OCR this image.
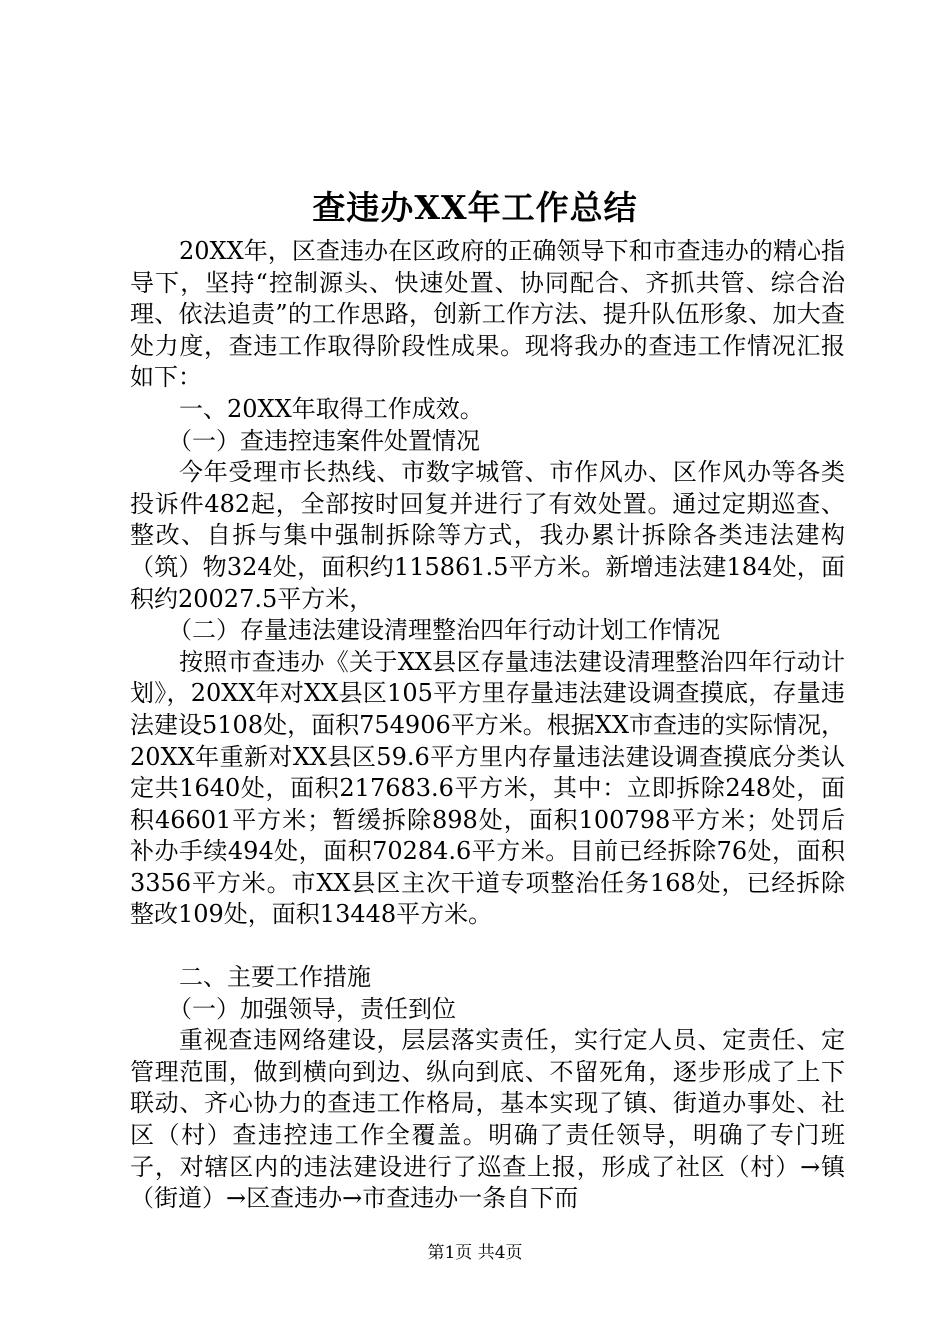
查违办XX年工作总结

20XX年，区查违办在区政府的正确领导下和市查违办的精心指导下，坚持“控制源头、快速处置、协同配合、齐抓共管、综合治理、依法追责”的工作思路，创新工作方法、提升队伍形象、加大查处力度，查违工作取得阶段性成果。现将我办的查违工作情况汇报如下：

一、20XX年取得工作成效。

（一）查违控违案件处置情况

今年受理市长热线、市数字城管、市作风办、区作风办等各类投诉件482起，全部按时回复并进行了有效处置。通过定期巡查、整改、自拆与集中强制拆除等方式，我办累计拆除各类违法建构（筑）物324处，面积约115861.5平方米。新增违法建184处，面积约20027.5平方米，

（二）存量违法建设清理整治四年行动计划工作情况

按照市查违办《关于XX县区存量违法建设清理整治四年行动计划》，20XX年对XX县区105平方里存量违法建设调查摸底，存量违法建设5108处，面积754906平方米。根据XX市查违的实际情况，20XX年重新对XX县区59.6平方里内存量违法建设调查摸底分类认定共1640处，面积217683.6平方米，其中：立即拆除248处，面积46601平方米；暂缓拆除898处，面积100798平方米；处罚后补办手续494处，面积70284.6平方米。目前已经拆除76处，面积3356平方米。市XX县区主次干道专项整治任务168处，已经拆除整改109处，面积13448平方米。

二、主要工作措施

（一）加强领导，责任到位

重视查违网络建设，层层落实责任，实行定人员、定责任、定管理范围，做到横向到边、纵向到底、不留死角，逐步形成了上下联动、齐心协力的查违工作格局，基本实现了镇、街道办事处、社区（村）查违控违工作全覆盖。明确了责任领导，明确了专门班子，对辖区内的违法建设进行了巡查上报，形成了社区（村）→镇（街道）→区查违办→市查违办一条自下而

第1页 共4页
